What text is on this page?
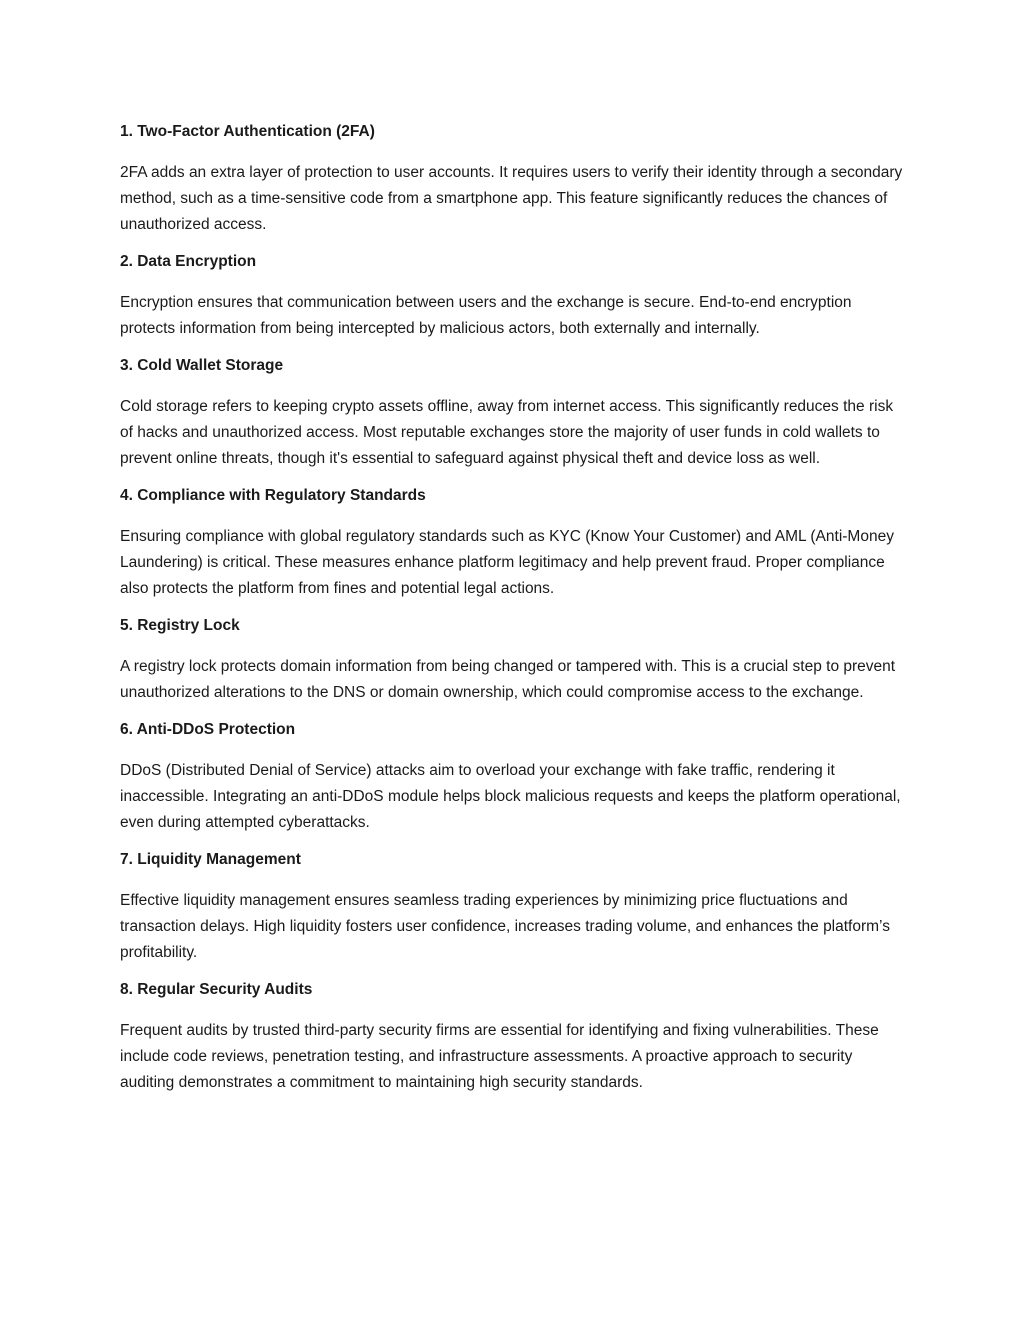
1. Two-Factor Authentication (2FA)

2FA adds an extra layer of protection to user accounts. It requires users to verify their identity through a secondary method, such as a time-sensitive code from a smartphone app. This feature significantly reduces the chances of unauthorized access.

2. Data Encryption

Encryption ensures that communication between users and the exchange is secure. End-to-end encryption protects information from being intercepted by malicious actors, both externally and internally.

3. Cold Wallet Storage

Cold storage refers to keeping crypto assets offline, away from internet access. This significantly reduces the risk of hacks and unauthorized access. Most reputable exchanges store the majority of user funds in cold wallets to prevent online threats, though it's essential to safeguard against physical theft and device loss as well.

4. Compliance with Regulatory Standards

Ensuring compliance with global regulatory standards such as KYC (Know Your Customer) and AML (Anti-Money Laundering) is critical. These measures enhance platform legitimacy and help prevent fraud. Proper compliance also protects the platform from fines and potential legal actions.

5. Registry Lock

A registry lock protects domain information from being changed or tampered with. This is a crucial step to prevent unauthorized alterations to the DNS or domain ownership, which could compromise access to the exchange.

6. Anti-DDoS Protection

DDoS (Distributed Denial of Service) attacks aim to overload your exchange with fake traffic, rendering it inaccessible. Integrating an anti-DDoS module helps block malicious requests and keeps the platform operational, even during attempted cyberattacks.

7. Liquidity Management

Effective liquidity management ensures seamless trading experiences by minimizing price fluctuations and transaction delays. High liquidity fosters user confidence, increases trading volume, and enhances the platform’s profitability.

8. Regular Security Audits

Frequent audits by trusted third-party security firms are essential for identifying and fixing vulnerabilities. These include code reviews, penetration testing, and infrastructure assessments. A proactive approach to security auditing demonstrates a commitment to maintaining high security standards.
